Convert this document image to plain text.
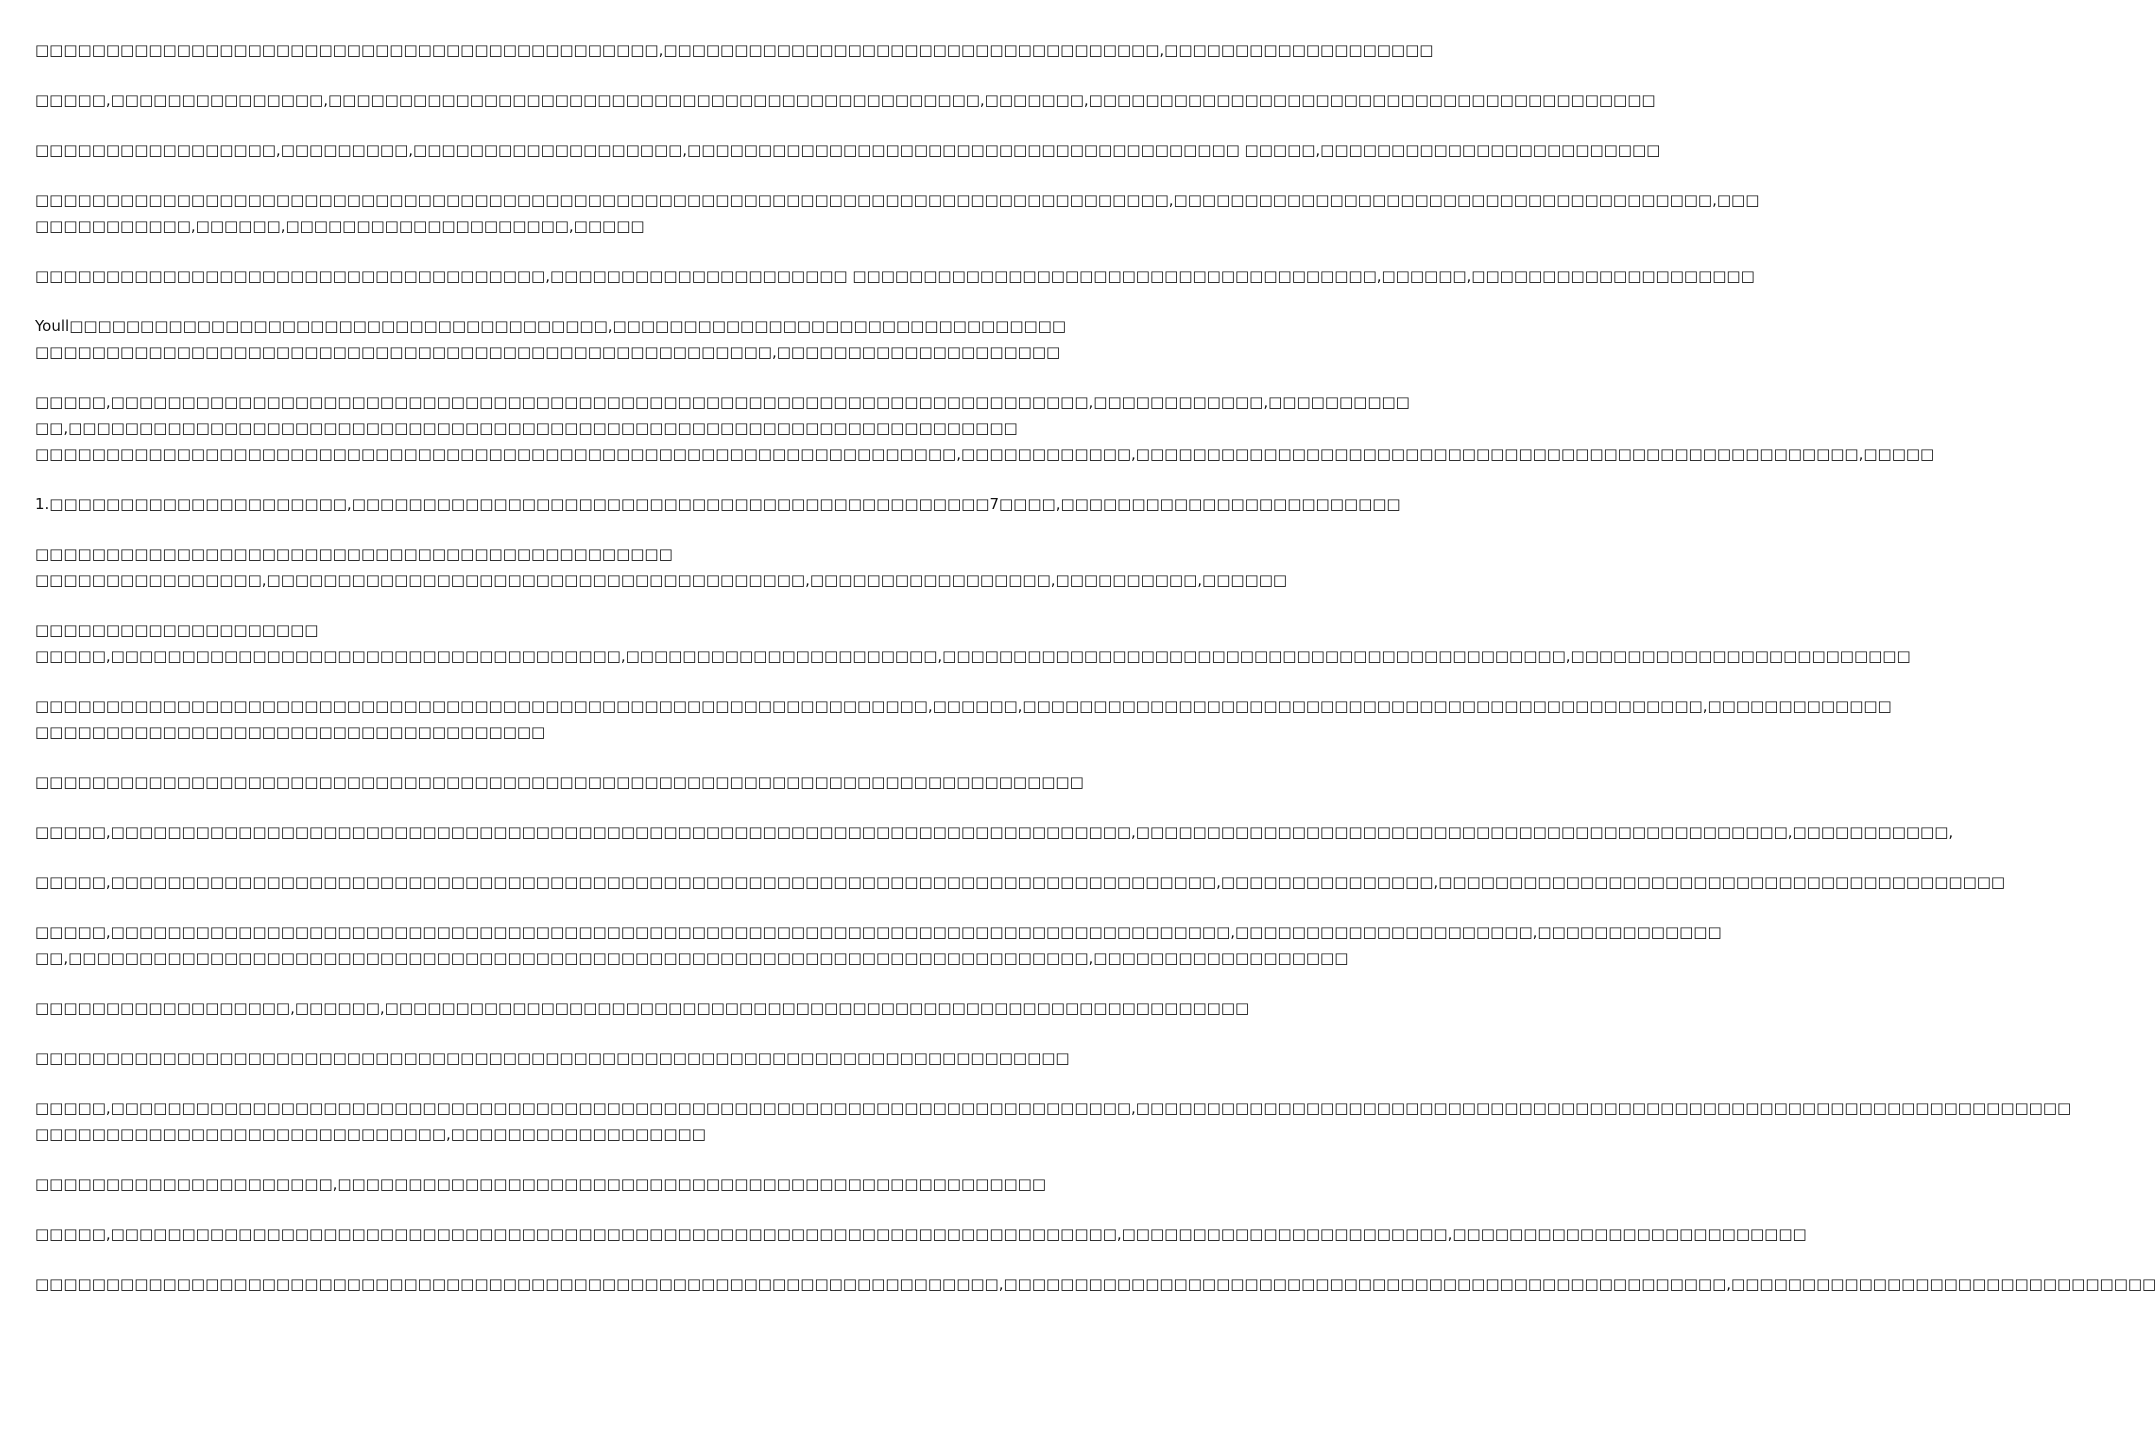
□□□□□□□□□□□□□□□□□□□□□□□□□□□□□□□□□□□□□□□□□□□□,□□□□□□□□□□□□□□□□□□□□□□□□□□□□□□□□□□□,□□□□□□□□□□□□□□□□□□□
□□□□□,□□□□□□□□□□□□□□□,□□□□□□□□□□□□□□□□□□□□□□□□□□□□□□□□□□□□□□□□□□□□□□,□□□□□□□,□□□□□□□□□□□□□□□□□□□□□□□□□□□□□□□□□□□□□□□□
□□□□□□□□□□□□□□□□□,□□□□□□□□□,□□□□□□□□□□□□□□□□□□□,□□□□□□□□□□□□□□□□□□□□□□□□□□□□□□□□□□□□□□□ □□□□□,□□□□□□□□□□□□□□□□□□□□□□□□
□□□□□□□□□□□□□□□□□□□□□□□□□□□□□□□□□□□□□□□□□□□□□□□□□□□□□□□□□□□□□□□□□□□□□□□□□□□□□□□□,□□□□□□□□□□□□□□□□□□□□□□□□□□□□□□□□□□□□□□,□□□
□□□□□□□□□□□,□□□□□□,□□□□□□□□□□□□□□□□□□□□,□□□□□
□□□□□□□□□□□□□□□□□□□□□□□□□□□□□□□□□□□□,□□□□□□□□□□□□□□□□□□□□□ □□□□□□□□□□□□□□□□□□□□□□□□□□□□□□□□□□□□□,□□□□□□,□□□□□□□□□□□□□□□□□□□□
Youll□□□□□□□□□□□□□□□□□□□□□□□□□□□□□□□□□□□□□□,□□□□□□□□□□□□□□□□□□□□□□□□□□□□□□□□
□□□□□□□□□□□□□□□□□□□□□□□□□□□□□□□□□□□□□□□□□□□□□□□□□□□□,□□□□□□□□□□□□□□□□□□□□
□□□□□,□□□□□□□□□□□□□□□□□□□□□□□□□□□□□□□□□□□□□□□□□□□□□□□□□□□□□□□□□□□□□□□□□□□□□,□□□□□□□□□□□□,□□□□□□□□□□
□□,□□□□□□□□□□□□□□□□□□□□□□□□□□□□□□□□□□□□□□□□□□□□□□□□□□□□□□□□□□□□□□□□□□□
□□□□□□□□□□□□□□□□□□□□□□□□□□□□□□□□□□□□□□□□□□□□□□□□□□□□□□□□□□□□□□□□□,□□□□□□□□□□□□,□□□□□□□□□□□□□□□□□□□□□□□□□□□□□□□□□□□□□□□□□□□□□□□□□□□,□□□□□
1.□□□□□□□□□□□□□□□□□□□□□,□□□□□□□□□□□□□□□□□□□□□□□□□□□□□□□□□□□□□□□□□□□□□7□□□□,□□□□□□□□□□□□□□□□□□□□□□□□
□□□□□□□□□□□□□□□□□□□□□□□□□□□□□□□□□□□□□□□□□□□□□
□□□□□□□□□□□□□□□□,□□□□□□□□□□□□□□□□□□□□□□□□□□□□□□□□□□□□□□,□□□□□□□□□□□□□□□□□,□□□□□□□□□□,□□□□□□
□□□□□□□□□□□□□□□□□□□□
□□□□□,□□□□□□□□□□□□□□□□□□□□□□□□□□□□□□□□□□□□,□□□□□□□□□□□□□□□□□□□□□□,□□□□□□□□□□□□□□□□□□□□□□□□□□□□□□□□□□□□□□□□□□□□,□□□□□□□□□□□□□□□□□□□□□□□□
□□□□□□□□□□□□□□□□□□□□□□□□□□□□□□□□□□□□□□□□□□□□□□□□□□□□□□□□□□□□□□□,□□□□□□,□□□□□□□□□□□□□□□□□□□□□□□□□□□□□□□□□□□□□□□□□□□□□□□□,□□□□□□□□□□□□□
□□□□□□□□□□□□□□□□□□□□□□□□□□□□□□□□□□□□
□□□□□□□□□□□□□□□□□□□□□□□□□□□□□□□□□□□□□□□□□□□□□□□□□□□□□□□□□□□□□□□□□□□□□□□□□□
□□□□□,□□□□□□□□□□□□□□□□□□□□□□□□□□□□□□□□□□□□□□□□□□□□□□□□□□□□□□□□□□□□□□□□□□□□□□□□,□□□□□□□□□□□□□□□□□□□□□□□□□□□□□□□□□□□□□□□□□□□□□□,□□□□□□□□□□□,
□□□□□,□□□□□□□□□□□□□□□□□□□□□□□□□□□□□□□□□□□□□□□□□□□□□□□□□□□□□□□□□□□□□□□□□□□□□□□□□□□□□□,□□□□□□□□□□□□□□□,□□□□□□□□□□□□□□□□□□□□□□□□□□□□□□□□□□□□□□□□
□□□□□,□□□□□□□□□□□□□□□□□□□□□□□□□□□□□□□□□□□□□□□□□□□□□□□□□□□□□□□□□□□□□□□□□□□□□□□□□□□□□□□,□□□□□□□□□□□□□□□□□□□□□,□□□□□□□□□□□□□
□□,□□□□□□□□□□□□□□□□□□□□□□□□□□□□□□□□□□□□□□□□□□□□□□□□□□□□□□□□□□□□□□□□□□□□□□□□,□□□□□□□□□□□□□□□□□□
□□□□□□□□□□□□□□□□□□,□□□□□□,□□□□□□□□□□□□□□□□□□□□□□□□□□□□□□□□□□□□□□□□□□□□□□□□□□□□□□□□□□□□□
□□□□□□□□□□□□□□□□□□□□□□□□□□□□□□□□□□□□□□□□□□□□□□□□□□□□□□□□□□□□□□□□□□□□□□□□□
□□□□□,□□□□□□□□□□□□□□□□□□□□□□□□□□□□□□□□□□□□□□□□□□□□□□□□□□□□□□□□□□□□□□□□□□□□□□□□,□□□□□□□□□□□□□□□□□□□□□□□□□□□□□□□□□□□□□□□□□□□□□□□□□□□□□□□□□□□□□□□□□□
□□□□□□□□□□□□□□□□□□□□□□□□□□□□□,□□□□□□□□□□□□□□□□□□
□□□□□□□□□□□□□□□□□□□□□,□□□□□□□□□□□□□□□□□□□□□□□□□□□□□□□□□□□□□□□□□□□□□□□□□□
□□□□□,□□□□□□□□□□□□□□□□□□□□□□□□□□□□□□□□□□□□□□□□□□□□□□□□□□□□□□□□□□□□□□□□□□□□□□□,□□□□□□□□□□□□□□□□□□□□□□□,□□□□□□□□□□□□□□□□□□□□□□□□□
□□□□□□□□□□□□□□□□□□□□□□□□□□□□□□□□□□□□□□□□□□□□□□□□□□□□□□□□□□□□□□□□□□□□,□□□□□□□□□□□□□□□□□□□□□□□□□□□□□□□□□□□□□□□□□□□□□□□□□□□,□□□□□□□□□□□□□□□□□□□□□□□□□□□□□□
